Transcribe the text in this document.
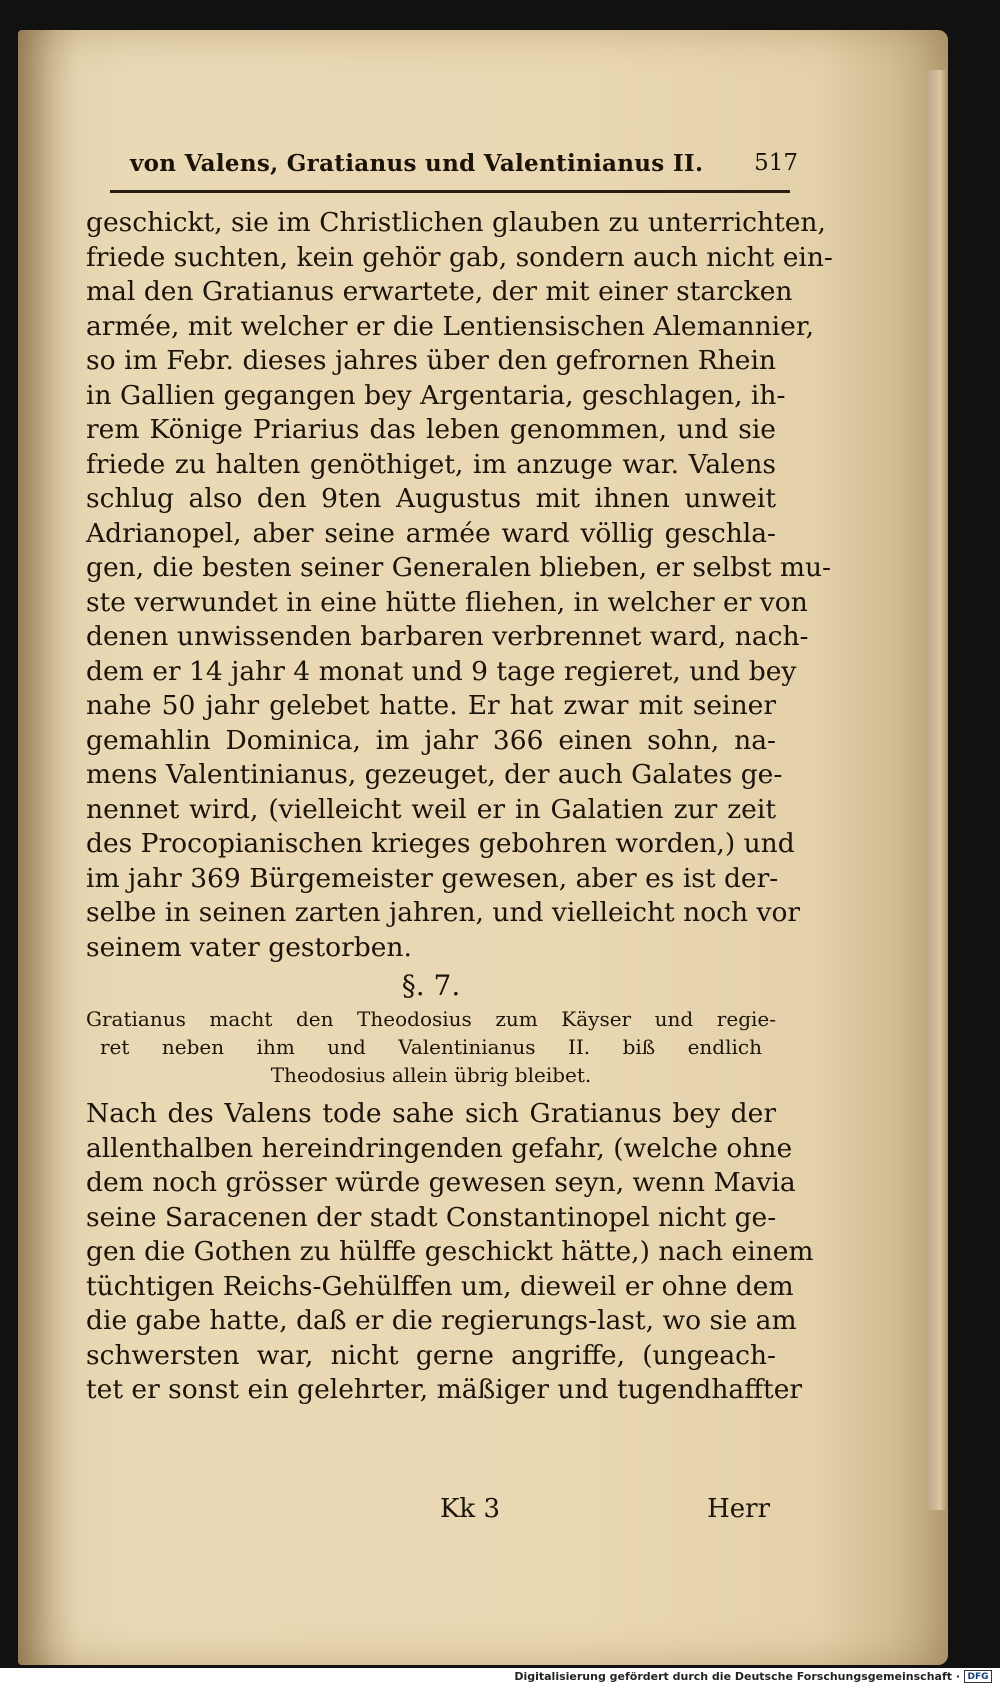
von Valens, Gratianus und Valentinianus II. 517
geschickt, sie im Christlichen glauben zu unterrichten,
friede suchten, kein gehör gab, sondern auch nicht ein-
mal den Gratianus erwartete, der mit einer starcken
armée, mit welcher er die Lentiensischen Alemannier,
so im Febr. dieses jahres über den gefrornen Rhein
in Gallien gegangen bey Argentaria, geschlagen, ih-
rem Könige Priarius das leben genommen, und sie
friede zu halten genöthiget, im anzuge war. Valens
schlug also den 9ten Augustus mit ihnen unweit
Adrianopel, aber seine armée ward völlig geschla-
gen, die besten seiner Generalen blieben, er selbst mu-
ste verwundet in eine hütte fliehen, in welcher er von
denen unwissenden barbaren verbrennet ward, nach-
dem er 14 jahr 4 monat und 9 tage regieret, und bey
nahe 50 jahr gelebet hatte. Er hat zwar mit seiner
gemahlin Dominica, im jahr 366 einen sohn, na-
mens Valentinianus, gezeuget, der auch Galates ge-
nennet wird, (vielleicht weil er in Galatien zur zeit
des Procopianischen krieges gebohren worden,) und
im jahr 369 Bürgemeister gewesen, aber es ist der-
selbe in seinen zarten jahren, und vielleicht noch vor
seinem vater gestorben.
§. 7.
Gratianus macht den Theodosius zum Käyser und regie-
ret neben ihm und Valentinianus II. biß endlich
Theodosius allein übrig bleibet.
Nach des Valens tode sahe sich Gratianus bey der
allenthalben hereindringenden gefahr, (welche ohne
dem noch grösser würde gewesen seyn, wenn Mavia
seine Saracenen der stadt Constantinopel nicht ge-
gen die Gothen zu hülffe geschickt hätte,) nach einem
tüchtigen Reichs-Gehülffen um, dieweil er ohne dem
die gabe hatte, daß er die regierungs-last, wo sie am
schwersten war, nicht gerne angriffe, (ungeach-
tet er sonst ein gelehrter, mäßiger und tugendhaffter
Kk 3	Herr
Digitalisierung gefördert durch die Deutsche Forschungsgemeinschaft · DFG
